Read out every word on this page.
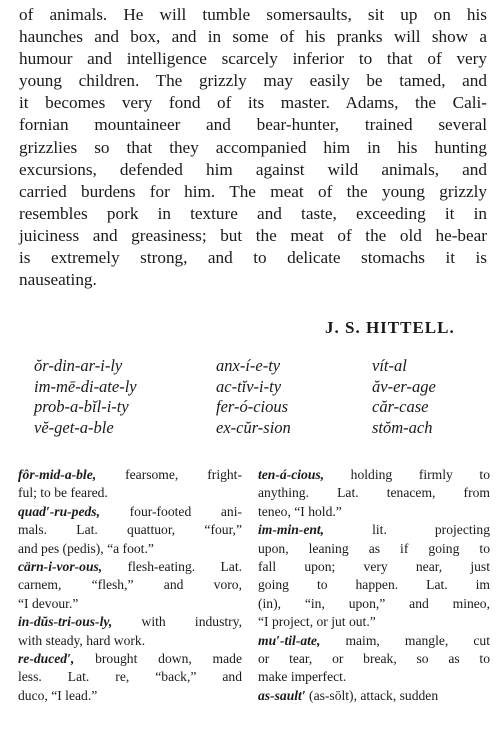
of animals. He will tumble somersaults, sit up on his
haunches and box, and in some of his pranks will show a
humour and intelligence scarcely inferior to that of very
young children. The grizzly may easily be tamed, and
it becomes very fond of its master. Adams, the Cali-
fornian mountaineer and bear-hunter, trained several
grizzlies so that they accompanied him in his hunting
excursions, defended him against wild animals, and
carried burdens for him. The meat of the young grizzly
resembles pork in texture and taste, exceeding it in
juiciness and greasiness; but the meat of the old he-bear
is extremely strong, and to delicate stomachs it is
nauseating.
J. S. HITTELL.
ŏr-din-ar-i-ly	anx-í-e-ty	vít-al
im-mē-di-ate-ly	ac-tĭv-i-ty	ăv-er-age
prob-a-bĭl-i-ty	fer-ó-cious	căr-case
vĕ-get-a-ble	ex-cŭr-sion	stŏm-ach

fôr-mid-a-ble, fearsome, fright-
ful; to be feared.

quad′-ru-peds, four-footed ani-
mals. Lat. quattuor, “four,”
and pes (pedis), “a foot.”

cärn-i-vor-ous, flesh-eating. Lat.
carnem, “flesh,” and voro,
“I devour.”

in-dŭs-tri-ous-ly, with industry,
with steady, hard work.

re-duced′, brought down, made
less. Lat. re, “back,” and
duco, “I lead.”

ten-á-cious, holding firmly to
anything. Lat. tenacem, from
teneo, “I hold.”

im-min-ent, lit. projecting
upon, leaning as if going to
fall upon; very near, just
going to happen. Lat. im
(in), “in, upon,” and mineo,
“I project, or jut out.”

mu′-til-ate, maim, mangle, cut
or tear, or break, so as to
make imperfect.

as-sault′ (as-sōlt), attack, sudden
